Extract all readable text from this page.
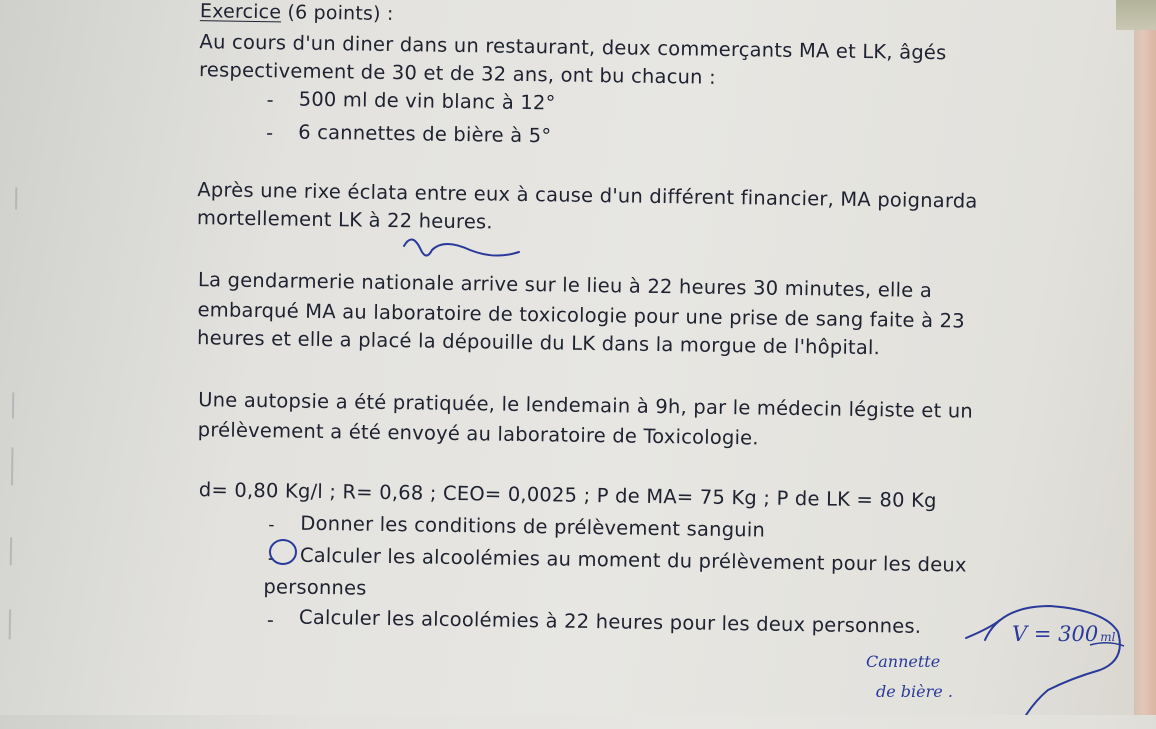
Exercice (6 points) :
Au cours d'un diner dans un restaurant, deux commerçants MA et LK, âgés
respectivement de 30 et de 32 ans, ont bu chacun :
- 500 ml de vin blanc à 12°
- 6 cannettes de bière à 5°
Après une rixe éclata entre eux à cause d'un différent financier, MA poignarda
mortellement LK à 22 heures.
La gendarmerie nationale arrive sur le lieu à 22 heures 30 minutes, elle a
embarqué MA au laboratoire de toxicologie pour une prise de sang faite à 23
heures et elle a placé la dépouille du LK dans la morgue de l'hôpital.
Une autopsie a été pratiquée, le lendemain à 9h, par le médecin légiste et un
prélèvement a été envoyé au laboratoire de Toxicologie.
d= 0,80 Kg/l ; R= 0,68 ; CEO= 0,0025 ; P de MA= 75 Kg ; P de LK = 80 Kg
- Donner les conditions de prélèvement sanguin
- Calculer les alcoolémies au moment du prélèvement pour les deux
personnes
- Calculer les alcoolémies à 22 heures pour les deux personnes.	V = 300 ml
Cannette
de bière .
